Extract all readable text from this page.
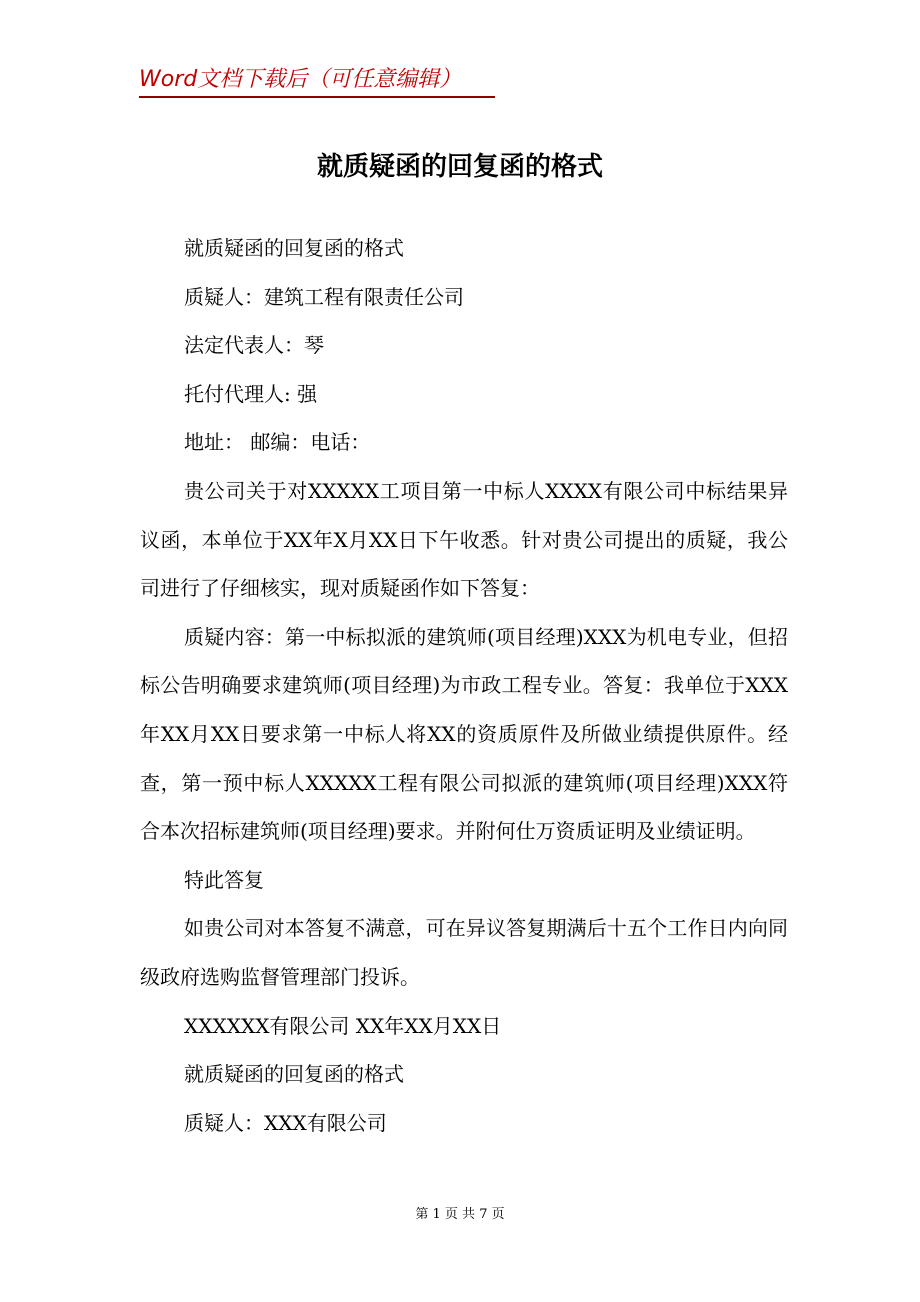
Word文档下载后（可任意编辑）
就质疑函的回复函的格式

就质疑函的回复函的格式

质疑人：建筑工程有限责任公司

法定代表人：琴

托付代理人: 强

地址： 邮编：电话：

贵公司关于对XXXXX工项目第一中标人XXXX有限公司中标结果异议函，本单位于XX年X月XX日下午收悉。针对贵公司提出的质疑，我公司进行了仔细核实，现对质疑函作如下答复：

质疑内容：第一中标拟派的建筑师(项目经理)XXX为机电专业，但招标公告明确要求建筑师(项目经理)为市政工程专业。答复：我单位于XXX年XX月XX日要求第一中标人将XX的资质原件及所做业绩提供原件。经查，第一预中标人XXXXX工程有限公司拟派的建筑师(项目经理)XXX符合本次招标建筑师(项目经理)要求。并附何仕万资质证明及业绩证明。

特此答复

如贵公司对本答复不满意，可在异议答复期满后十五个工作日内向同级政府选购监督管理部门投诉。

XXXXXX有限公司 XX年XX月XX日

就质疑函的回复函的格式

质疑人：XXX有限公司

第 1 页 共 7 页
